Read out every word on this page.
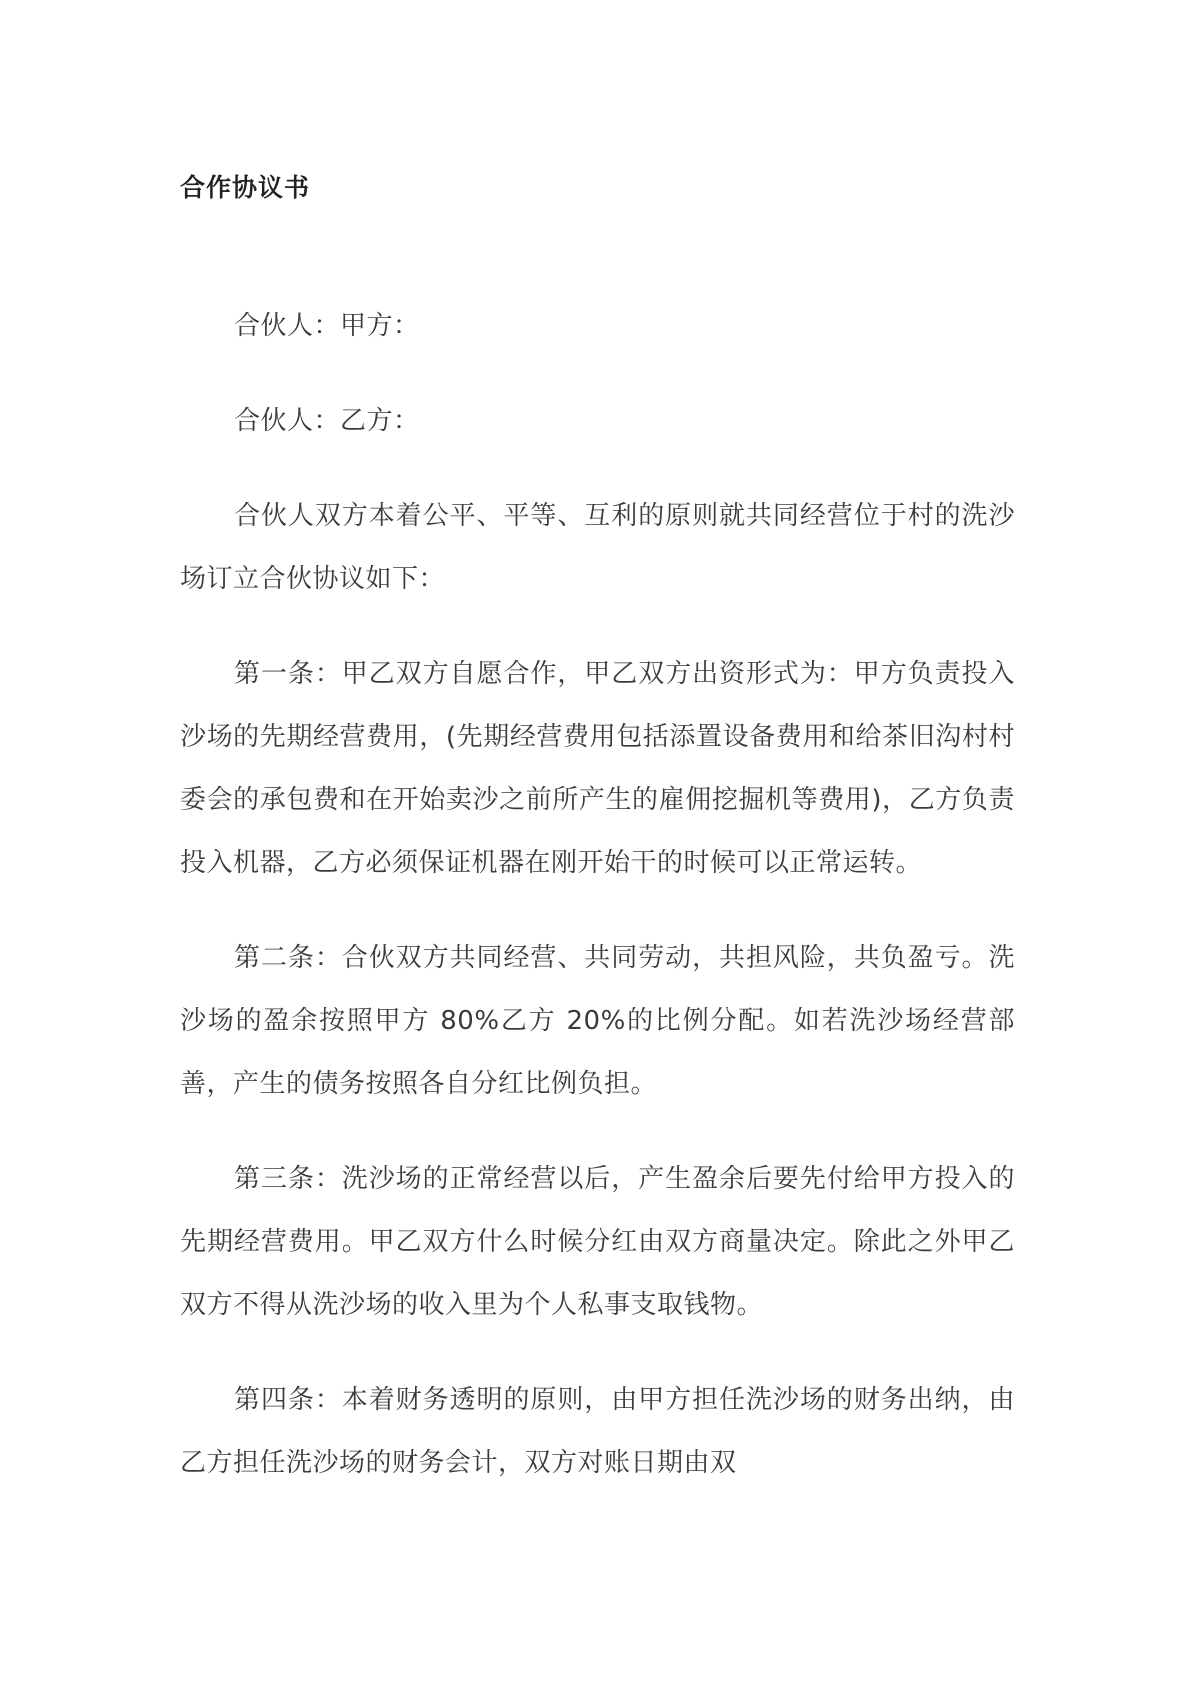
合作协议书

合伙人：甲方：

合伙人：乙方：

合伙人双方本着公平、平等、互利的原则就共同经营位于村的洗沙场订立合伙协议如下：

第一条：甲乙双方自愿合作，甲乙双方出资形式为：甲方负责投入沙场的先期经营费用，(先期经营费用包括添置设备费用和给茶旧沟村村委会的承包费和在开始卖沙之前所产生的雇佣挖掘机等费用)，乙方负责投入机器，乙方必须保证机器在刚开始干的时候可以正常运转。

第二条：合伙双方共同经营、共同劳动，共担风险，共负盈亏。洗沙场的盈余按照甲方 80%乙方 20%的比例分配。如若洗沙场经营部善，产生的债务按照各自分红比例负担。

第三条：洗沙场的正常经营以后，产生盈余后要先付给甲方投入的先期经营费用。甲乙双方什么时候分红由双方商量决定。除此之外甲乙双方不得从洗沙场的收入里为个人私事支取钱物。

第四条：本着财务透明的原则，由甲方担任洗沙场的财务出纳，由乙方担任洗沙场的财务会计，双方对账日期由双
